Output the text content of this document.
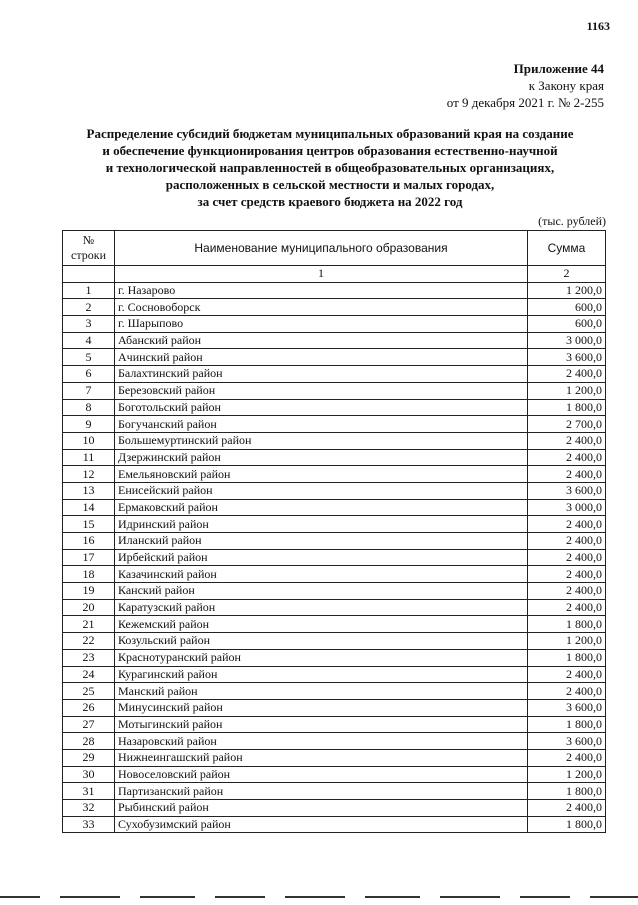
1163
Приложение 44
к Закону края
от 9 декабря 2021 г. № 2-255
Распределение субсидий бюджетам муниципальных образований края на создание
и обеспечение функционирования центров образования естественно-научной
и технологической направленностей в общеобразовательных организациях,
расположенных в сельской местности и малых городах,
за счет средств краевого бюджета на 2022 год
(тыс. рублей)
№ строки	Наименование муниципального образования	Сумма
	1	2
1	г. Назарово	1 200,0
2	г. Сосновоборск	600,0
3	г. Шарыпово	600,0
4	Абанский район	3 000,0
5	Ачинский район	3 600,0
6	Балахтинский район	2 400,0
7	Березовский район	1 200,0
8	Боготольский район	1 800,0
9	Богучанский район	2 700,0
10	Большемуртинский район	2 400,0
11	Дзержинский район	2 400,0
12	Емельяновский район	2 400,0
13	Енисейский район	3 600,0
14	Ермаковский район	3 000,0
15	Идринский район	2 400,0
16	Иланский район	2 400,0
17	Ирбейский район	2 400,0
18	Казачинский район	2 400,0
19	Канский район	2 400,0
20	Каратузский район	2 400,0
21	Кежемский район	1 800,0
22	Козульский район	1 200,0
23	Краснотуранский район	1 800,0
24	Курагинский район	2 400,0
25	Манский район	2 400,0
26	Минусинский район	3 600,0
27	Мотыгинский район	1 800,0
28	Назаровский район	3 600,0
29	Нижнеингашский район	2 400,0
30	Новоселовский район	1 200,0
31	Партизанский район	1 800,0
32	Рыбинский район	2 400,0
33	Сухобузимский район	1 800,0
